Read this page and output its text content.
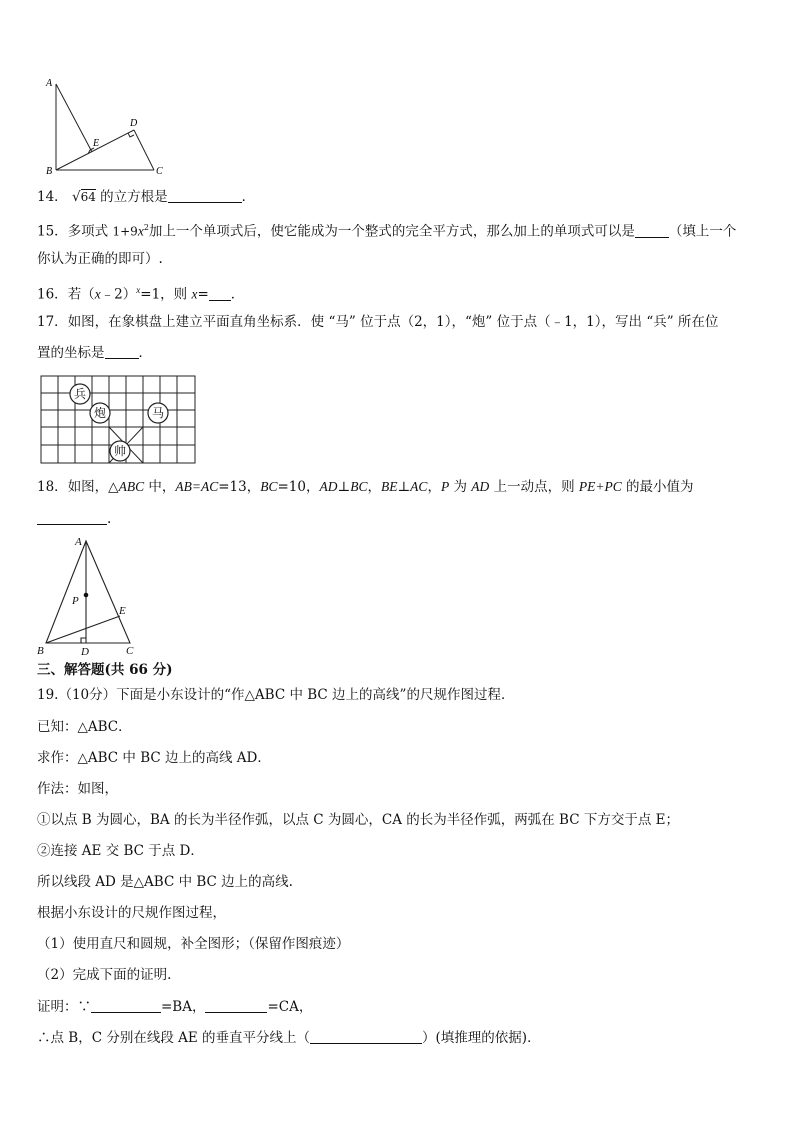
A
E
D
B	C
14． √64 的立方根是	．
15．多项式 $1+9x^2$加上一个单项式后，使它能成为一个整式的完全平方式，那么加上的单项式可以是	（填上一个
你认为正确的即可）.
16．若（x﹣2）$^x$=1，则 x= ．
17．如图，在象棋盘上建立平面直角坐标系．使 “马” 位于点（2，1），“炮” 位于点（﹣1，1），写出 “兵” 所在位
置的坐标是	．
兵
炮	马
帅
18．如图，△ABC 中，AB=AC=13，BC=10，AD⊥BC，BE⊥AC，P 为 AD 上一动点，则 PE+PC 的最小值为
.
A
P
E
B	D	C
三、解答题(共 66 分)
19.（10分）下面是小东设计的“作△ABC 中 BC 边上的高线”的尺规作图过程．
已知：△ABC．
求作：△ABC 中 BC 边上的高线 AD．
作法：如图，
①以点 B 为圆心，BA 的长为半径作弧，以点 C 为圆心，CA 的长为半径作弧，两弧在 BC 下方交于点 E；
②连接 AE 交 BC 于点 D．
所以线段 AD 是△ABC 中 BC 边上的高线.
根据小东设计的尺规作图过程，
（1）使用直尺和圆规，补全图形；（保留作图痕迹）
（2）完成下面的证明.
证明：∵	=BA，	=CA，
∴点 B，C 分别在线段 AE 的垂直平分线上（	）(填推理的依据)．
